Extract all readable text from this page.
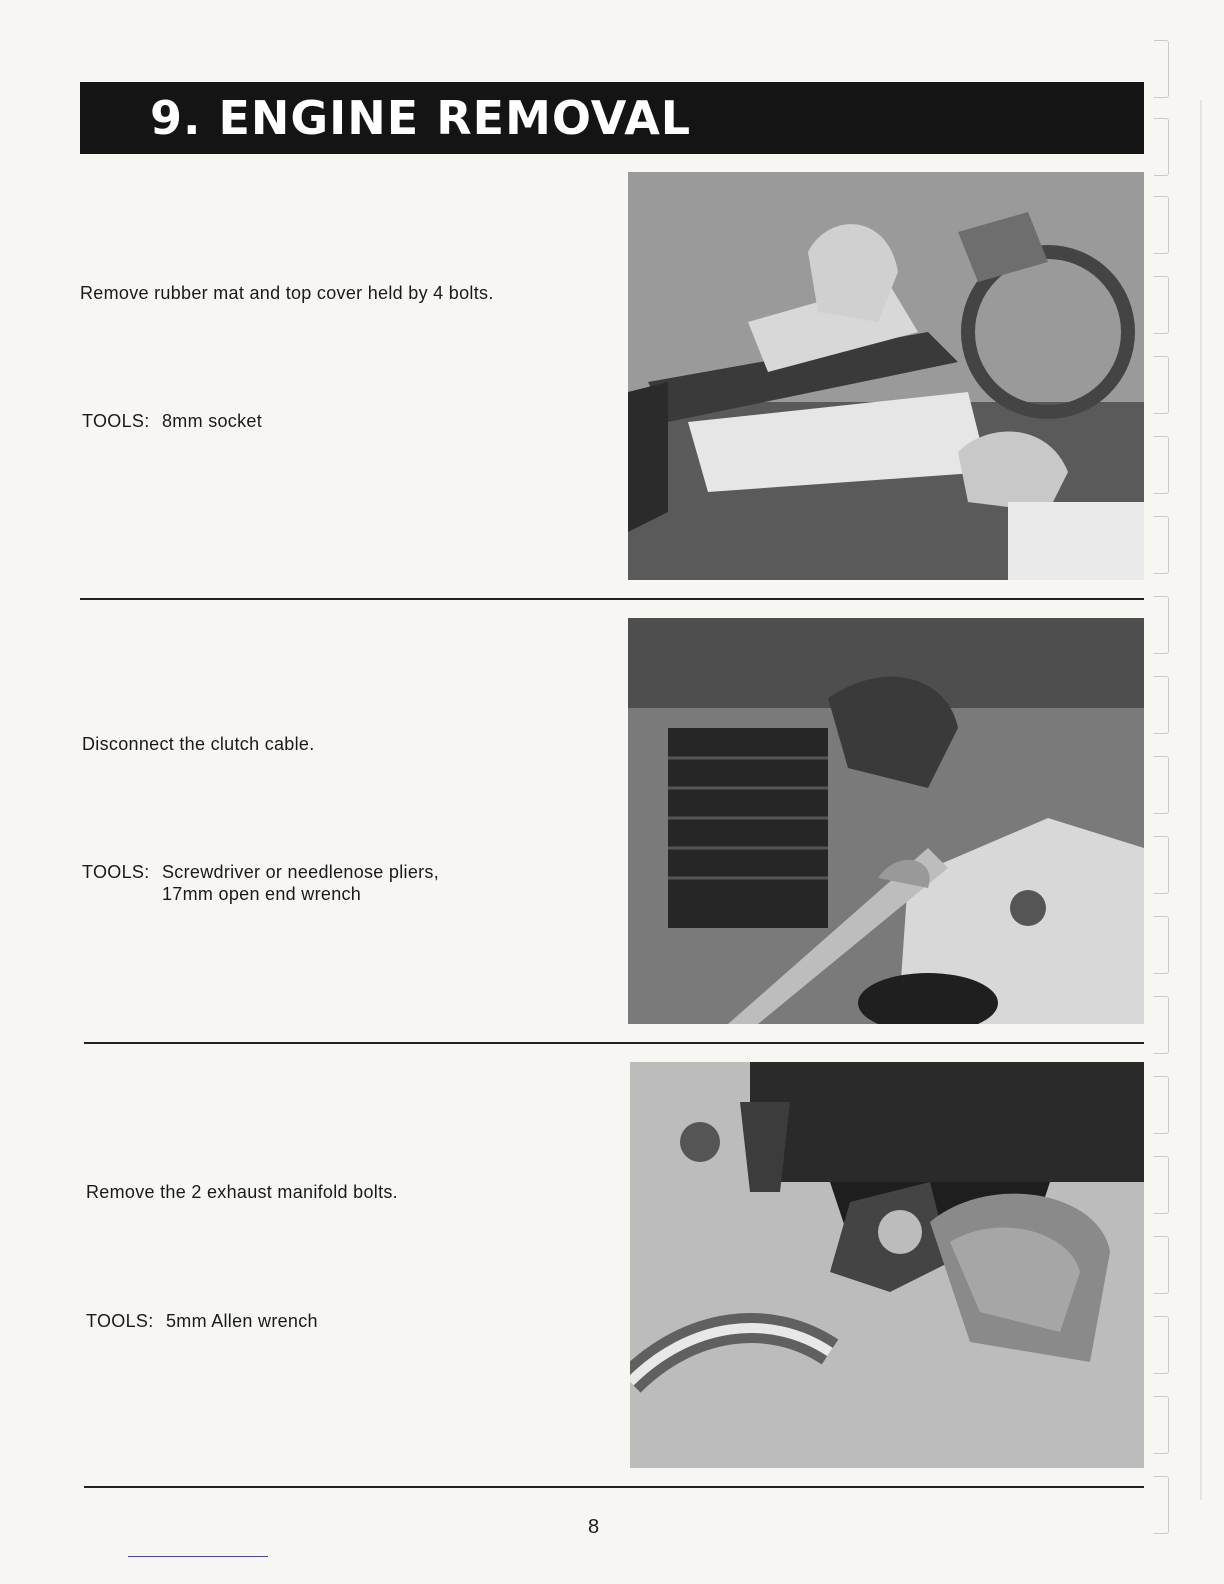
9. ENGINE REMOVAL
Remove rubber mat and top cover held by 4 bolts.
TOOLS: 8mm socket
Disconnect the clutch cable.
TOOLS: Screwdriver or needlenose pliers,
17mm open end wrench
Remove the 2 exhaust manifold bolts.
TOOLS: 5mm Allen wrench
8
